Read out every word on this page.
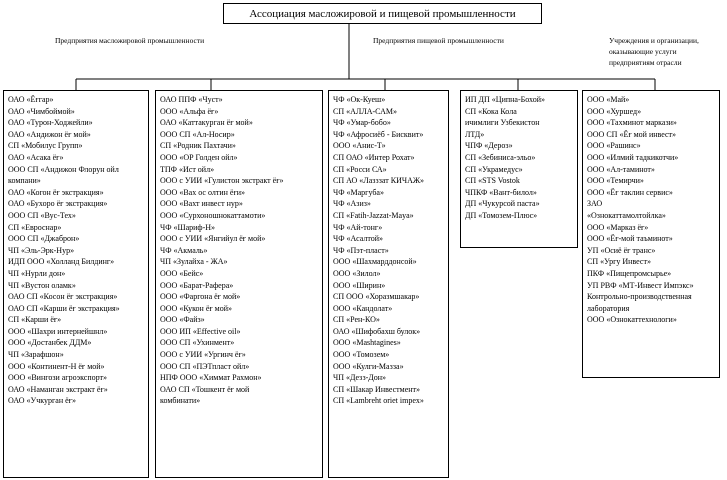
Ассоциация масложировой и пищевой промышленности
Предприятия масложировой промышленности	Предприятия пищевой промышленности	Учреждения и организации,
оказывающие услуги
предприятиям отрасли
ОАО «Ёғгар»
ОАО «Чимбоймой»
ОАО «Турон-Ходжейли»
ОАО «Андижон ёғ мой»
СП «Мобилус Групп»
ОАО «Асака ёғ»
ООО СП «Андижон Флорун ойл
компани»
ОАО «Когон ёғ экстракция»
ОАО «Бухоро ёғ экстракция»
ООО СП «Вус-Тех»
СП «Евроснар»
ООО СП «Джаброн»
ЧП «Эль-Эрк-Нур»
ИДП ООО «Холланд Билдинг»
ЧП «Нурли дон»
ЧП «Вустон оламк»
ОАО СП «Косон ёғ экстракция»
ОАО СП «Карши ёғ экстракция»
СП «Карши ёғ»
ООО «Шахри интернейшнл»
ООО «Достанбек ДДМ»
ЧП «Зарафшон»
ООО «Континент-Н ёғ мой»
ООО «Вингози агроэкспорт»
ОАО «Наманган экстракт ёғ»
ОАО «Учкурган ёғ»
ОАО ППФ «Чуст»
ООО «Альфа ёғ»
ОАО «Каттакурган ёғ мой»
ООО СП «Ал-Носир»
СП «Родник Пахтачи»
ООО «ОР Голден ойл»
ТПФ «Ист ойл»
ООО с УИИ «Гулистон экстракт ёғ»
ООО «Вах ос олтин ёғи»
ООО «Вахт инвест нур»
ООО «Сурхоношнокаттамоти»
ЧФ «Шариф-Н»
ООО с УИИ «Янгийул ёғ мой»
ЧФ «Акмаль»
ЧП «Зулайха - ЖА»
ООО «Бейс»
ООО «Барат-Рафера»
ООО «Фаргона ёғ мой»
ООО «Кукон ёғ мой»
ООО «Файз»
ООО ИП «Effective oil»
ООО СП «Ухинмент»
ООО с УИИ «Ургинч ёғ»
ООО СП «ПЭТпласт ойл»
НПФ ООО «Химмат Рахмон»
ОАО СП «Тошкент ёғ мой
комбинати»
ЧФ «Ок-Куеш»
СП «АЛЛА-САМ»
ЧФ «Умар-бобо»
ЧФ «Афросиёб - Бисквит»
ООО «Анис-Т»
СП ОАО «Интер Рохат»
СП «Росси СА»
СП АО «Лазззат КИЧАЖ»
ЧФ «Маргуба»
ЧФ «Азиз»
СП «Fatih-Jazzat-Maya»
ЧФ «Ай-тонг»
ЧФ «Асалтой»
ЧФ «Пэт-пласт»
ООО «Шахмарддонсой»
ООО «Зилол»
ООО «Ширин»
СП ООО «Хоразмшакар»
ООО «Кандолат»
СП «Рен-КО»
ОАО «Шифобахш булок»
ООО «Mashtagines»
ООО «Томозем»
ООО «Кулги-Мазза»
ЧП «Дезз-Дон»
СП «Шакар Инвестмент»
СП «Lambreht oriet impex»
ИП ДП «Ципна-Бохой»
СП «Кока Кола
ичимлиги Узбекистон
ЛТД»
ЧПФ «Дероз»
СП «Зебиниса-эльо»
СП «Украмедус»
СП «STS Vostok
ЧПКФ «Вант-билол»
ДП «Чукурсой паста»
ДП «Томозем-Плюс»
ООО «Май»
ООО «Хуршед»
ООО «Тахминот маркази»
ООО СП «Ёғ мой инвест»
ООО «Рашинс»
ООО «Илмий тадкикотчи»
ООО «Ал-таминот»
ООО «Темирчи»
ООО «Ёғ таклин сервис»
ЗАО
«Ознокаттамолтойлка»
ООО «Марказ ёғ»
ООО «Ёғ-мой таъминот»
УП «Осиё ёғ транс»
СП «Ургу Инвест»
ПКФ «Пищепромсырье»
УП РВФ «МТ-Инвест Импэкс»
Контрольно-производственная
лаборатория
ООО «Ознокаттехнологи»
